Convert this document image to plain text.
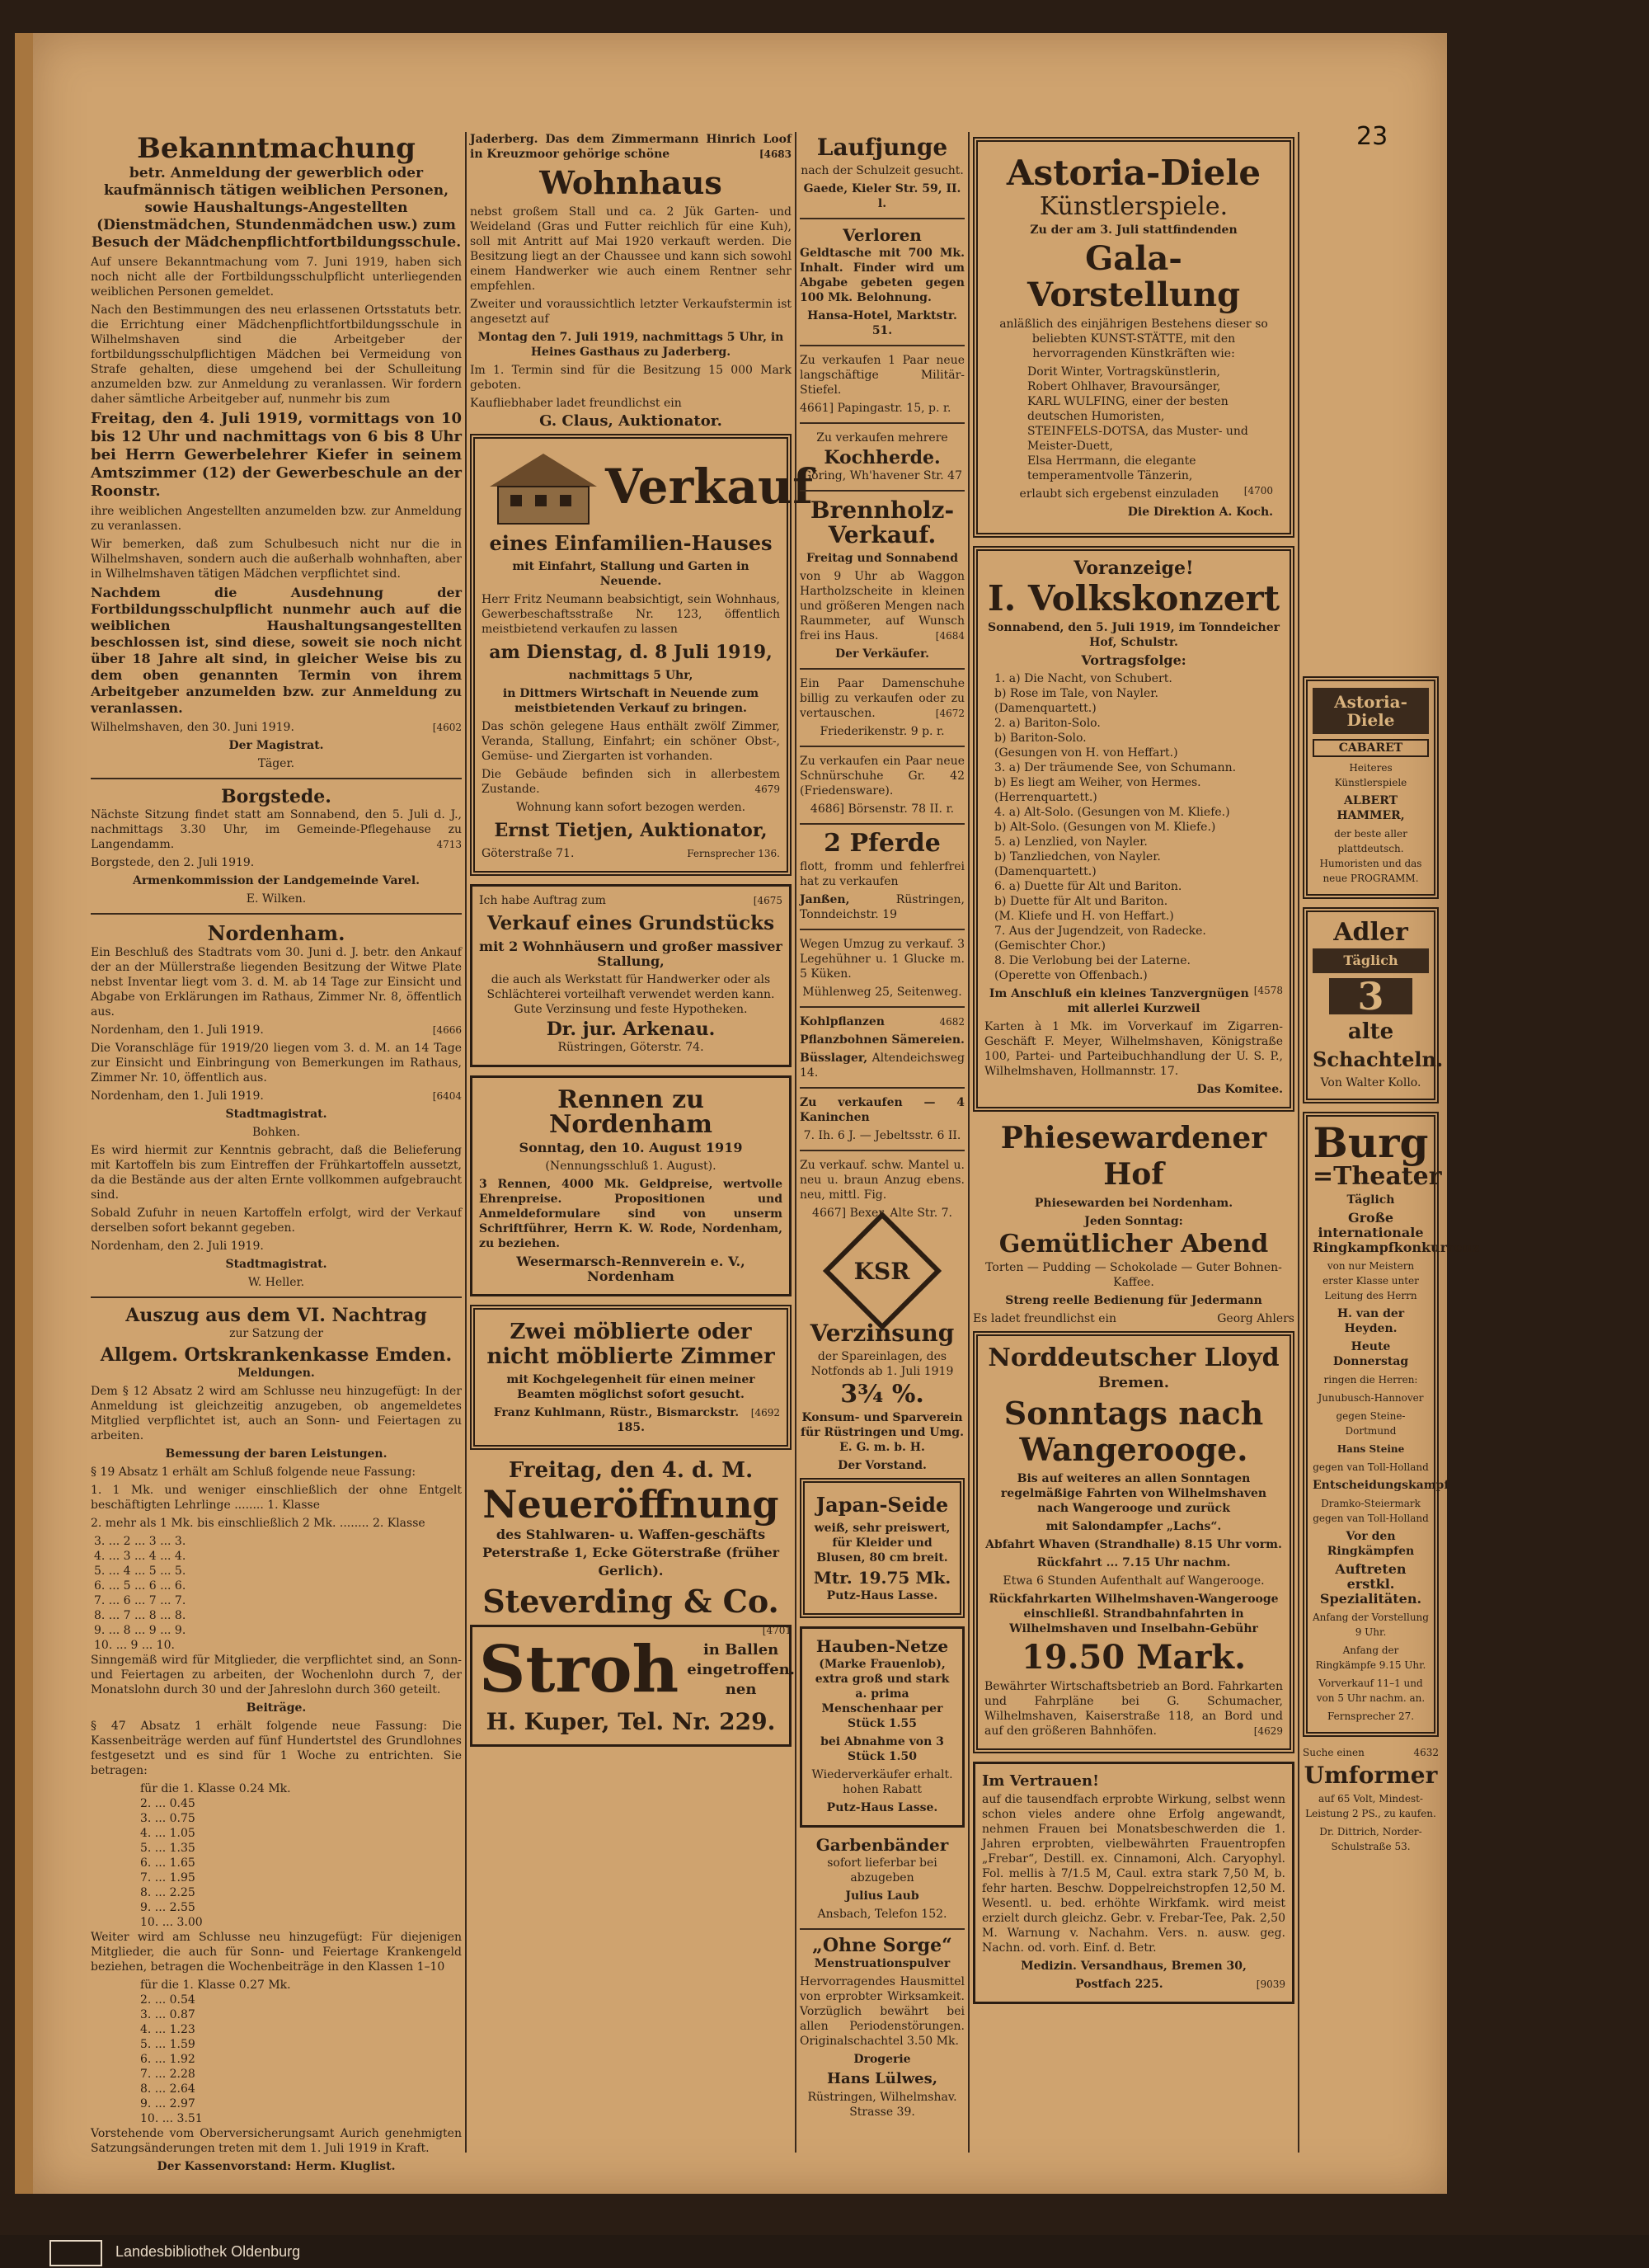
23
Bekanntmachung

betr. Anmeldung der gewerblich oder kaufmännisch tätigen weiblichen Personen, sowie Haushaltungs-Angestellten (Dienstmädchen, Stundenmädchen usw.) zum Besuch der Mädchenpflichtfortbildungsschule.

Auf unsere Bekanntmachung vom 7. Juni 1919, haben sich noch nicht alle der Fortbildungsschulpflicht unterliegenden weiblichen Personen gemeldet.

Nach den Bestimmungen des neu erlassenen Ortsstatuts betr. die Errichtung einer Mädchenpflichtfortbildungsschule in Wilhelmshaven sind die Arbeitgeber der fortbildungsschulpflichtigen Mädchen bei Vermeidung von Strafe gehalten, diese umgehend bei der Schulleitung anzumelden bzw. zur Anmeldung zu veranlassen. Wir fordern daher sämtliche Arbeitgeber auf, nunmehr bis zum

Freitag, den 4. Juli 1919, vormittags von 10 bis 12 Uhr und nachmittags von 6 bis 8 Uhr bei Herrn Gewerbelehrer Kiefer in seinem Amtszimmer (12) der Gewerbeschule an der Roonstr.

ihre weiblichen Angestellten anzumelden bzw. zur Anmeldung zu veranlassen.

Wir bemerken, daß zum Schulbesuch nicht nur die in Wilhelmshaven, sondern auch die außerhalb wohnhaften, aber in Wilhelmshaven tätigen Mädchen verpflichtet sind.

Nachdem die Ausdehnung der Fortbildungsschulpflicht nunmehr auch auf die weiblichen Haushaltungsangestellten beschlossen ist, sind diese, soweit sie noch nicht über 18 Jahre alt sind, in gleicher Weise bis zu dem oben genannten Termin von ihrem Arbeitgeber anzumelden bzw. zur Anmeldung zu veranlassen.

Wilhelmshaven, den 30. Juni 1919.	[4602

Der Magistrat.

Täger.

Borgstede.

Nächste Sitzung findet statt am Sonnabend, den 5. Juli d. J., nachmittags 3.30 Uhr, im Gemeinde-Pflegehause zu Langendamm.	4713

Borgstede, den 2. Juli 1919.

Armenkommission der Landgemeinde Varel.

E. Wilken.

Nordenham.

Ein Beschluß des Stadtrats vom 30. Juni d. J. betr. den Ankauf der an der Müllerstraße liegenden Besitzung der Witwe Plate nebst Inventar liegt vom 3. d. M. ab 14 Tage zur Einsicht und Abgabe von Erklärungen im Rathaus, Zimmer Nr. 8, öffentlich aus.

Nordenham, den 1. Juli 1919.	[4666

Die Voranschläge für 1919/20 liegen vom 3. d. M. an 14 Tage zur Einsicht und Einbringung von Bemerkungen im Rathaus, Zimmer Nr. 10, öffentlich aus.

Nordenham, den 1. Juli 1919.	[6404

Stadtmagistrat.

Bohken.

Es wird hiermit zur Kenntnis gebracht, daß die Belieferung mit Kartoffeln bis zum Eintreffen der Frühkartoffeln aussetzt, da die Bestände aus der alten Ernte vollkommen aufgebraucht sind.

Sobald Zufuhr in neuen Kartoffeln erfolgt, wird der Verkauf derselben sofort bekannt gegeben.

Nordenham, den 2. Juli 1919.

Stadtmagistrat.

W. Heller.

Auszug aus dem VI. Nachtrag

zur Satzung der

Allgem. Ortskrankenkasse Emden.

Meldungen.

Dem § 12 Absatz 2 wird am Schlusse neu hinzugefügt: In der Anmeldung ist gleichzeitig anzugeben, ob angemeldetes Mitglied verpflichtet ist, auch an Sonn- und Feiertagen zu arbeiten.

Bemessung der baren Leistungen.

§ 19 Absatz 1 erhält am Schluß folgende neue Fassung:

1. 1 Mk. und weniger einschließlich der ohne Entgelt beschäftigten Lehrlinge ........ 1. Klasse

2. mehr als 1 Mk. bis einschließlich 2 Mk. ........ 2. Klasse

3. ... 2 ... 3 ... 3.
4. ... 3 ... 4 ... 4.
5. ... 4 ... 5 ... 5.
6. ... 5 ... 6 ... 6.
7. ... 6 ... 7 ... 7.
8. ... 7 ... 8 ... 8.
9. ... 8 ... 9 ... 9.
10. ... 9 ... 10.

Sinngemäß wird für Mitglieder, die verpflichtet sind, an Sonn- und Feiertagen zu arbeiten, der Wochenlohn durch 7, der Monatslohn durch 30 und der Jahreslohn durch 360 geteilt.

Beiträge.

§ 47 Absatz 1 erhält folgende neue Fassung: Die Kassenbeiträge werden auf fünf Hundertstel des Grundlohnes festgesetzt und es sind für 1 Woche zu entrichten. Sie betragen:

für die 1. Klasse 0.24 Mk.
2. ... 0.45
3. ... 0.75
4. ... 1.05
5. ... 1.35
6. ... 1.65
7. ... 1.95
8. ... 2.25
9. ... 2.55
10. ... 3.00

Weiter wird am Schlusse neu hinzugefügt: Für diejenigen Mitglieder, die auch für Sonn- und Feiertage Krankengeld beziehen, betragen die Wochenbeiträge in den Klassen 1–10

für die 1. Klasse 0.27 Mk.
2. ... 0.54
3. ... 0.87
4. ... 1.23
5. ... 1.59
6. ... 1.92
7. ... 2.28
8. ... 2.64
9. ... 2.97
10. ... 3.51

Vorstehende vom Oberversicherungsamt Aurich genehmigten Satzungsänderungen treten mit dem 1. Juli 1919 in Kraft.

Der Kassenvorstand: Herm. Kluglist.

Jaderberg. Das dem Zimmermann Hinrich Loof in Kreuzmoor gehörige schöne	[4683

Wohnhaus

nebst großem Stall und ca. 2 Jük Garten- und Weideland (Gras und Futter reichlich für eine Kuh), soll mit Antritt auf Mai 1920 verkauft werden. Die Besitzung liegt an der Chaussee und kann sich sowohl einem Handwerker wie auch einem Rentner sehr empfehlen.

Zweiter und voraussichtlich letzter Verkaufstermin ist angesetzt auf

Montag den 7. Juli 1919, nachmittags 5 Uhr, in Heines Gasthaus zu Jaderberg.

Im 1. Termin sind für die Besitzung 15 000 Mark geboten.

Kaufliebhaber ladet freundlichst ein

G. Claus, Auktionator.

Verkauf
eines Einfamilien-Hauses

mit Einfahrt, Stallung und Garten in Neuende.

Herr Fritz Neumann beabsichtigt, sein Wohnhaus, Gewerbeschaftsstraße Nr. 123, öffentlich meistbietend verkaufen zu lassen

am Dienstag, d. 8 Juli 1919,

nachmittags 5 Uhr,

in Dittmers Wirtschaft in Neuende zum meistbietenden Verkauf zu bringen.

Das schön gelegene Haus enthält zwölf Zimmer, Veranda, Stallung, Einfahrt; ein schöner Obst-, Gemüse- und Ziergarten ist vorhanden.

Die Gebäude befinden sich in allerbestem Zustande.	4679

Wohnung kann sofort bezogen werden.

Ernst Tietjen, Auktionator,

Göterstraße 71.	Fernsprecher 136.

Ich habe Auftrag zum	[4675

Verkauf eines Grundstücks

mit 2 Wohnhäusern und großer massiver Stallung,

die auch als Werkstatt für Handwerker oder als Schlächterei vorteilhaft verwendet werden kann. Gute Verzinsung und feste Hypotheken.

Dr. jur. Arkenau.

Rüstringen, Göterstr. 74.

Rennen zu Nordenham

Sonntag, den 10. August 1919

(Nennungsschluß 1. August).

3 Rennen, 4000 Mk. Geldpreise, wertvolle Ehrenpreise. Propositionen und Anmeldeformulare sind von unserm Schriftführer, Herrn K. W. Rode, Nordenham, zu beziehen.

Wesermarsch-Rennverein e. V., Nordenham

Zwei möblierte oder nicht möblierte Zimmer

mit Kochgelegenheit für einen meiner Beamten möglichst sofort gesucht.

[4692

Franz Kuhlmann, Rüstr., Bismarckstr. 185.

Freitag, den 4. d. M.
Neueröffnung

des Stahlwaren- u. Waffen-geschäfts Peterstraße 1, Ecke Göterstraße (früher Gerlich).

Steverding & Co.

[4701

Stroh	in Ballen
eingetroffen.
nen
H. Kuper, Tel. Nr. 229.
Laufjunge

nach der Schulzeit gesucht.

Gaede, Kieler Str. 59, II. l.

Verloren

Geldtasche mit 700 Mk. Inhalt. Finder wird um Abgabe gebeten gegen 100 Mk. Belohnung.

Hansa-Hotel, Marktstr. 51.

Zu verkaufen 1 Paar neue langschäftige Militär-Stiefel.

4661] Papingastr. 15, p. r.

Zu verkaufen mehrere

Kochherde.

Göring, Wh'havener Str. 47

Brennholz-Verkauf.

Freitag und Sonnabend

von 9 Uhr ab Waggon Hartholzscheite in kleinen und größeren Mengen nach Raummeter, auf Wunsch frei ins Haus.	[4684

Der Verkäufer.

Ein Paar Damenschuhe billig zu verkaufen oder zu vertauschen.	[4672

Friederikenstr. 9 p. r.

Zu verkaufen ein Paar neue Schnürschuhe Gr. 42 (Friedensware).

4686] Börsenstr. 78 II. r.

2 Pferde

flott, fromm und fehlerfrei hat zu verkaufen

Janßen,	Rüstringen, Tonndeichstr. 19

Wegen Umzug zu verkauf. 3 Legehühner u. 1 Glucke m. 5 Küken.

Mühlenweg 25, Seitenweg.

Kohlpflanzen	4682

Pflanzbohnen Sämereien.

Büsslager, Altendeichsweg 14.

Zu verkaufen — 4 Kaninchen

7. Ih. 6 J. — Jebeltsstr. 6 II.

Zu verkauf. schw. Mantel u. neu u. braun Anzug ebens. neu, mittl. Fig.

4667] Bexer, Alte Str. 7.

KSR
Verzinsung

der Spareinlagen, des Notfonds ab 1. Juli 1919

3¾ %.

Konsum- und Sparverein für Rüstringen und Umg. E. G. m. b. H.

Der Vorstand.

Japan-Seide

weiß, sehr preiswert, für Kleider und Blusen, 80 cm breit.

Mtr. 19.75 Mk.

Putz-Haus Lasse.

Hauben-Netze

(Marke Frauenlob), extra groß und stark a. prima Menschenhaar per Stück 1.55

bei Abnahme von 3 Stück 1.50

Wiederverkäufer erhalt. hohen Rabatt

Putz-Haus Lasse.

Garbenbänder

sofort lieferbar bei abzugeben

Julius Laub

Ansbach, Telefon 152.

„Ohne Sorge“

Menstruationspulver

Hervorragendes Hausmittel von erprobter Wirksamkeit. Vorzüglich bewährt bei allen Periodenstörungen. Originalschachtel 3.50 Mk.

Drogerie

Hans Lülwes,

Rüstringen, Wilhelmshav. Strasse 39.

Astoria-Diele
Künstlerspiele.

Zu der am 3. Juli stattfindenden

Gala-Vorstellung

anläßlich des einjährigen Bestehens dieser so beliebten KUNST-STÄTTE, mit den hervorragenden Künstkräften wie:

Dorit Winter, Vortragskünstlerin,
Robert Ohlhaver, Bravoursänger,
KARL WULFING, einer der besten deutschen Humoristen,
STEINFELS-DOTSA, das Muster- und Meister-Duett,
Elsa Herrmann, die elegante temperamentvolle Tänzerin,

[4700

erlaubt sich ergebenst einzuladen

Die Direktion A. Koch.

Voranzeige!
I. Volkskonzert

Sonnabend, den 5. Juli 1919, im Tonndeicher Hof, Schulstr.

Vortragsfolge:

1. a) Die Nacht, von Schubert.
b) Rose im Tale, von Nayler.
(Damenquartett.)
2. a) Bariton-Solo.
b) Bariton-Solo.
(Gesungen von H. von Heffart.)
3. a) Der träumende See, von Schumann.
b) Es liegt am Weiher, von Hermes.
(Herrenquartett.)
4. a) Alt-Solo. (Gesungen von M. Kliefe.)
b) Alt-Solo. (Gesungen von M. Kliefe.)
5. a) Lenzlied, von Nayler.
b) Tanzliedchen, von Nayler.
(Damenquartett.)
6. a) Duette für Alt und Bariton.
b) Duette für Alt und Bariton.
(M. Kliefe und H. von Heffart.)
7. Aus der Jugendzeit, von Radecke.
(Gemischter Chor.)
8. Die Verlobung bei der Laterne.
(Operette von Offenbach.)

[4578

Im Anschluß ein kleines Tanzvergnügen mit allerlei Kurzweil

Karten à 1 Mk. im Vorverkauf im Zigarren-Geschäft F. Meyer, Wilhelmshaven, Königstraße 100, Partei- und Parteibuchhandlung der U. S. P., Wilhelmshaven, Hollmannstr. 17.

Das Komitee.

Phiesewardener Hof

Phiesewarden bei Nordenham.

Jeden Sonntag:

Gemütlicher Abend

Torten — Pudding — Schokolade — Guter Bohnen-Kaffee.

Streng reelle Bedienung für Jedermann

Es ladet freundlichst ein	Georg Ahlers

Norddeutscher Lloyd
Bremen.
Sonntags nach Wangerooge.

Bis auf weiteres an allen Sonntagen regelmäßige Fahrten von Wilhelmshaven nach Wangerooge und zurück

mit Salondampfer „Lachs“.

Abfahrt Whaven (Strandhalle) 8.15 Uhr vorm.

Rückfahrt ... 7.15 Uhr nachm.

Etwa 6 Stunden Aufenthalt auf Wangerooge.

Rückfahrkarten Wilhelmshaven-Wangerooge einschließl. Strandbahnfahrten in Wilhelmshaven und Inselbahn-Gebühr

19.50 Mark.

Bewährter Wirtschaftsbetrieb an Bord. Fahrkarten und Fahrpläne bei G. Schumacher, Wilhelmshaven, Kaiserstraße 118, an Bord und auf den größeren Bahnhöfen.	[4629

Im Vertrauen!

auf die tausendfach erprobte Wirkung, selbst wenn schon vieles andere ohne Erfolg angewandt, nehmen Frauen bei Monatsbeschwerden die 1. Jahren erprobten, vielbewährten Frauentropfen „Frebar“, Destill. ex. Cinnamoni, Alch. Caryophyl. Fol. mellis à 7/1.5 M, Caul. extra stark 7,50 M, b. fehr harten. Beschw. Doppelreichstropfen 12,50 M. Wesentl. u. bed. erhöhte Wirkfamk. wird meist erzielt durch gleichz. Gebr. v. Frebar-Tee, Pak. 2,50 M. Warnung v. Nachahm. Vers. n. ausw. geg. Nachn. od. vorh. Einf. d. Betr.

Medizin. Versandhaus, Bremen 30,

Postfach 225.	[9039

Astoria-Diele

CABARET

Heiteres Künstlerspiele

ALBERT HAMMER,

der beste aller plattdeutsch. Humoristen und das neue PROGRAMM.

Adler
Täglich
3
alte
Schachteln.

Von Walter Kollo.

Burg
=Theater

Täglich

Große internationale Ringkampfkonkurrenz

von nur Meistern erster Klasse unter Leitung des Herrn

H. van der Heyden.

Heute Donnerstag

ringen die Herren:

Junubusch-Hannover

gegen Steine-Dortmund

Hans Steine

gegen van Toll-Holland

Entscheidungskampf

Dramko-Steiermark gegen van Toll-Holland

Vor den Ringkämpfen

Auftreten erstkl. Spezialitäten.

Anfang der Vorstellung 9 Uhr.

Anfang der Ringkämpfe 9.15 Uhr.

Vorverkauf 11–1 und von 5 Uhr nachm. an.

Fernsprecher 27.

Suche einen	4632

Umformer

auf 65 Volt, Mindest-Leistung 2 PS., zu kaufen.

Dr. Dittrich, Norder-Schulstraße 53.

Landesbibliothek Oldenburg
